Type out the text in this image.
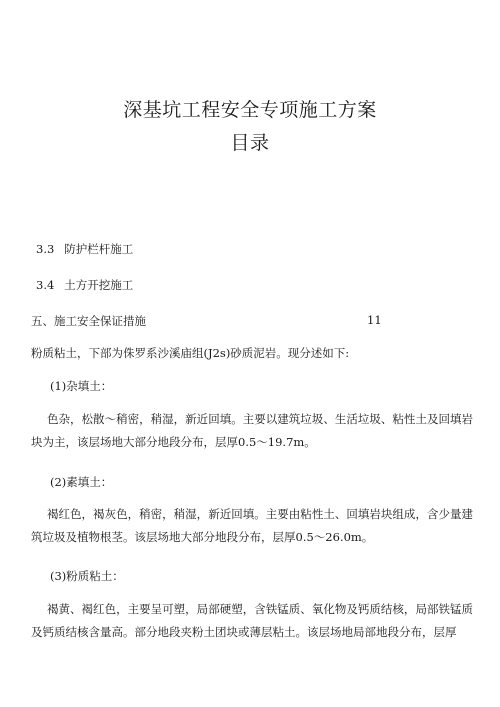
深基坑工程安全专项施工方案
目录
3.3 防护栏杆施工
3.4 土方开挖施工
五、施工安全保证措施	11
粉质粘土，下部为侏罗系沙溪庙组(J2s)砂质泥岩。现分述如下:
(1)杂填土：
色杂，松散～稍密，稍湿，新近回填。主要以建筑垃圾、生活垃圾、粘性土及回填岩块为主，该层场地大部分地段分布，层厚0.5～19.7m。
(2)素填土：
褐红色，褐灰色，稍密，稍湿，新近回填。主要由粘性土、回填岩块组成，含少量建筑垃圾及植物根茎。该层场地大部分地段分布，层厚0.5～26.0m。
(3)粉质粘土：
褐黄、褐红色，主要呈可塑，局部硬塑，含铁锰质、氧化物及钙质结核，局部铁锰质及钙质结核含量高。部分地段夹粉土团块或薄层粘土。该层场地局部地段分布，层厚
